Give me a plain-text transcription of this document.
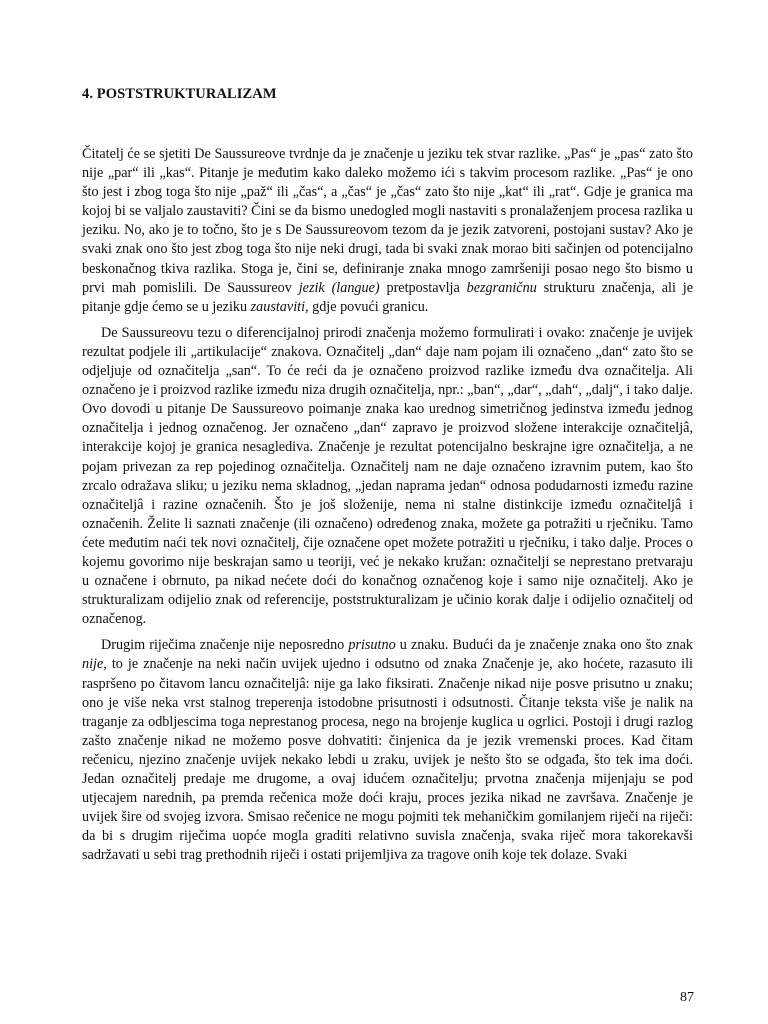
4. POSTSTRUKTURALIZAM

Čitatelj će se sjetiti De Saussureove tvrdnje da je značenje u jeziku tek stvar razlike. „Pas“ je „pas“ zato što nije „par“ ili „kas“. Pitanje je međutim kako daleko možemo ići s takvim procesom razlike. „Pas“ je ono što jest i zbog toga što nije „paž“ ili „čas“, a „čas“ je „čas“ zato što nije „kat“ ili „rat“. Gdje je granica ma kojoj bi se valjalo zaustaviti? Čini se da bismo unedogled mogli nastaviti s pronalaženjem procesa razlika u jeziku. No, ako je to točno, što je s De Saussureovom tezom da je jezik zatvoreni, postojani sustav? Ako je svaki znak ono što jest zbog toga što nije neki drugi, tada bi svaki znak morao biti sačinjen od potencijalno beskonačnog tkiva razlika. Stoga je, čini se, definiranje znaka mnogo zamršeniji posao nego što bismo u prvi mah pomislili. De Saussureov jezik (langue) pretpostavlja bezgraničnu strukturu značenja, ali je pitanje gdje ćemo se u jeziku zaustaviti, gdje povući granicu.

De Saussureovu tezu o diferencijalnoj prirodi značenja možemo formulirati i ovako: značenje je uvijek rezultat podjele ili „artikulacije“ znakova. Označitelj „dan“ daje nam pojam ili označeno „dan“ zato što se odjeljuje od označitelja „san“. To će reći da je označeno proizvod razlike između dva označitelja. Ali označeno je i proizvod razlike između niza drugih označitelja, npr.: „ban“, „dar“, „dah“, „dalj“, i tako dalje. Ovo dovodi u pitanje De Saussureovo poimanje znaka kao urednog simetričnog jedinstva između jednog označitelja i jednog označenog. Jer označeno „dan“ zapravo je proizvod složene interakcije označiteljâ, interakcije kojoj je granica nesaglediva. Značenje je rezultat potencijalno beskrajne igre označitelja, a ne pojam privezan za rep pojedinog označitelja. Označitelj nam ne daje označeno izravnim putem, kao što zrcalo odražava sliku; u jeziku nema skladnog, „jedan naprama jedan“ odnosa podudarnosti između razine označiteljâ i razine označenih. Što je još složenije, nema ni stalne distinkcije između označiteljâ i označenih. Želite li saznati značenje (ili označeno) određenog znaka, možete ga potražiti u rječniku. Tamo ćete međutim naći tek novi označitelj, čije označene opet možete potražiti u rječniku, i tako dalje. Proces o kojemu govorimo nije beskrajan samo u teoriji, već je nekako kružan: označitelji se neprestano pretvaraju u označene i obrnuto, pa nikad nećete doći do konačnog označenog koje i samo nije označitelj. Ako je strukturalizam odijelio znak od referencije, poststrukturalizam je učinio korak dalje i odijelio označitelj od označenog.

Drugim riječima značenje nije neposredno prisutno u znaku. Budući da je značenje znaka ono što znak nije, to je značenje na neki način uvijek ujedno i odsutno od znaka Značenje je, ako hoćete, razasuto ili raspršeno po čitavom lancu označiteljâ: nije ga lako fiksirati. Značenje nikad nije posve prisutno u znaku; ono je više neka vrst stalnog treperenja istodobne prisutnosti i odsutnosti. Čitanje teksta više je nalik na traganje za odbljescima toga neprestanog procesa, nego na brojenje kuglica u ogrlici. Postoji i drugi razlog zašto značenje nikad ne možemo posve dohvatiti: činjenica da je jezik vremenski proces. Kad čitam rečenicu, njezino značenje uvijek nekako lebdi u zraku, uvijek je nešto što se odgađa, što tek ima doći. Jedan označitelj predaje me drugome, a ovaj idućem označitelju; prvotna značenja mijenjaju se pod utjecajem narednih, pa premda rečenica može doći kraju, proces jezika nikad ne završava. Značenje je uvijek šire od svojeg izvora. Smisao rečenice ne mogu pojmiti tek mehaničkim gomilanjem riječi na riječi: da bi s drugim riječima uopće mogla graditi relativno suvisla značenja, svaka riječ mora takorekavši sadržavati u sebi trag prethodnih riječi i ostati prijemljiva za tragove onih koje tek dolaze. Svaki

87
